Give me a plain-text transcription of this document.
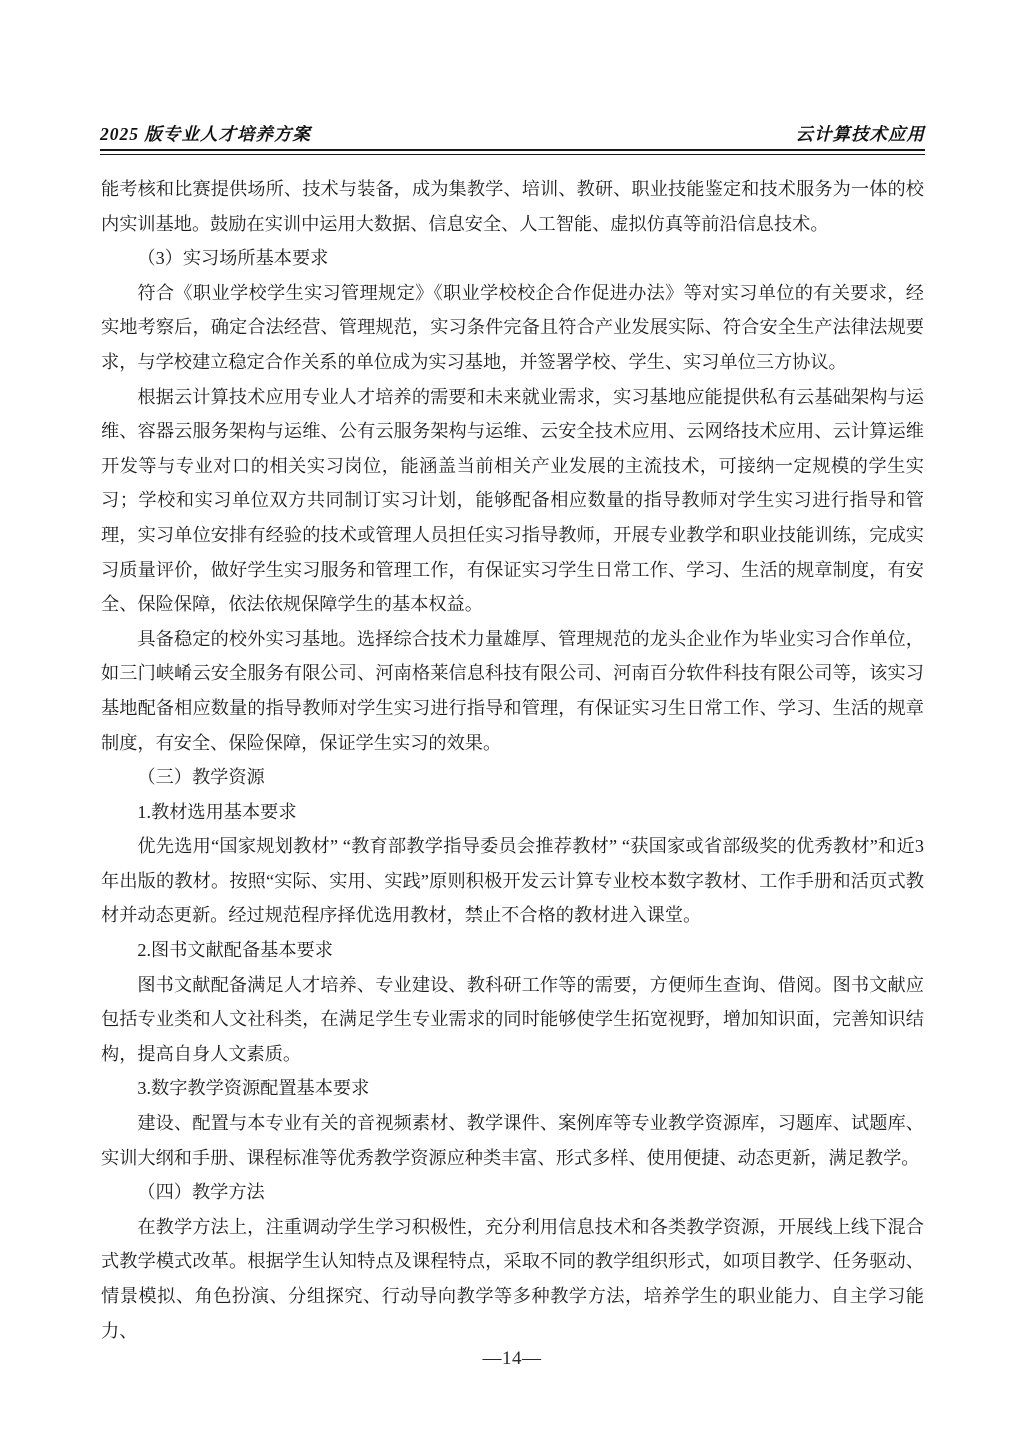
2025 版专业人才培养方案	云计算技术应用

能考核和比赛提供场所、技术与装备，成为集教学、培训、教研、职业技能鉴定和技术服务为一体的校内实训基地。鼓励在实训中运用大数据、信息安全、人工智能、虚拟仿真等前沿信息技术。

（3）实习场所基本要求

符合《职业学校学生实习管理规定》《职业学校校企合作促进办法》等对实习单位的有关要求，经实地考察后，确定合法经营、管理规范，实习条件完备且符合产业发展实际、符合安全生产法律法规要求，与学校建立稳定合作关系的单位成为实习基地，并签署学校、学生、实习单位三方协议。

根据云计算技术应用专业人才培养的需要和未来就业需求，实习基地应能提供私有云基础架构与运维、容器云服务架构与运维、公有云服务架构与运维、云安全技术应用、云网络技术应用、云计算运维开发等与专业对口的相关实习岗位，能涵盖当前相关产业发展的主流技术，可接纳一定规模的学生实习；学校和实习单位双方共同制订实习计划，能够配备相应数量的指导教师对学生实习进行指导和管理，实习单位安排有经验的技术或管理人员担任实习指导教师，开展专业教学和职业技能训练，完成实习质量评价，做好学生实习服务和管理工作，有保证实习学生日常工作、学习、生活的规章制度，有安全、保险保障，依法依规保障学生的基本权益。

具备稳定的校外实习基地。选择综合技术力量雄厚、管理规范的龙头企业作为毕业实习合作单位，如三门峡崤云安全服务有限公司、河南格莱信息科技有限公司、河南百分软件科技有限公司等，该实习基地配备相应数量的指导教师对学生实习进行指导和管理，有保证实习生日常工作、学习、生活的规章制度，有安全、保险保障，保证学生实习的效果。

（三）教学资源

1.教材选用基本要求

优先选用“国家规划教材” “教育部教学指导委员会推荐教材” “获国家或省部级奖的优秀教材”和近3年出版的教材。按照“实际、实用、实践”原则积极开发云计算专业校本数字教材、工作手册和活页式教材并动态更新。经过规范程序择优选用教材，禁止不合格的教材进入课堂。

2.图书文献配备基本要求

图书文献配备满足人才培养、专业建设、教科研工作等的需要，方便师生查询、借阅。图书文献应包括专业类和人文社科类，在满足学生专业需求的同时能够使学生拓宽视野，增加知识面，完善知识结构，提高自身人文素质。

3.数字教学资源配置基本要求

建设、配置与本专业有关的音视频素材、教学课件、案例库等专业教学资源库，习题库、试题库、实训大纲和手册、课程标准等优秀教学资源应种类丰富、形式多样、使用便捷、动态更新，满足教学。

（四）教学方法

在教学方法上，注重调动学生学习积极性，充分利用信息技术和各类教学资源，开展线上线下混合式教学模式改革。根据学生认知特点及课程特点，采取不同的教学组织形式，如项目教学、任务驱动、情景模拟、角色扮演、分组探究、行动导向教学等多种教学方法，培养学生的职业能力、自主学习能力、

—14—
